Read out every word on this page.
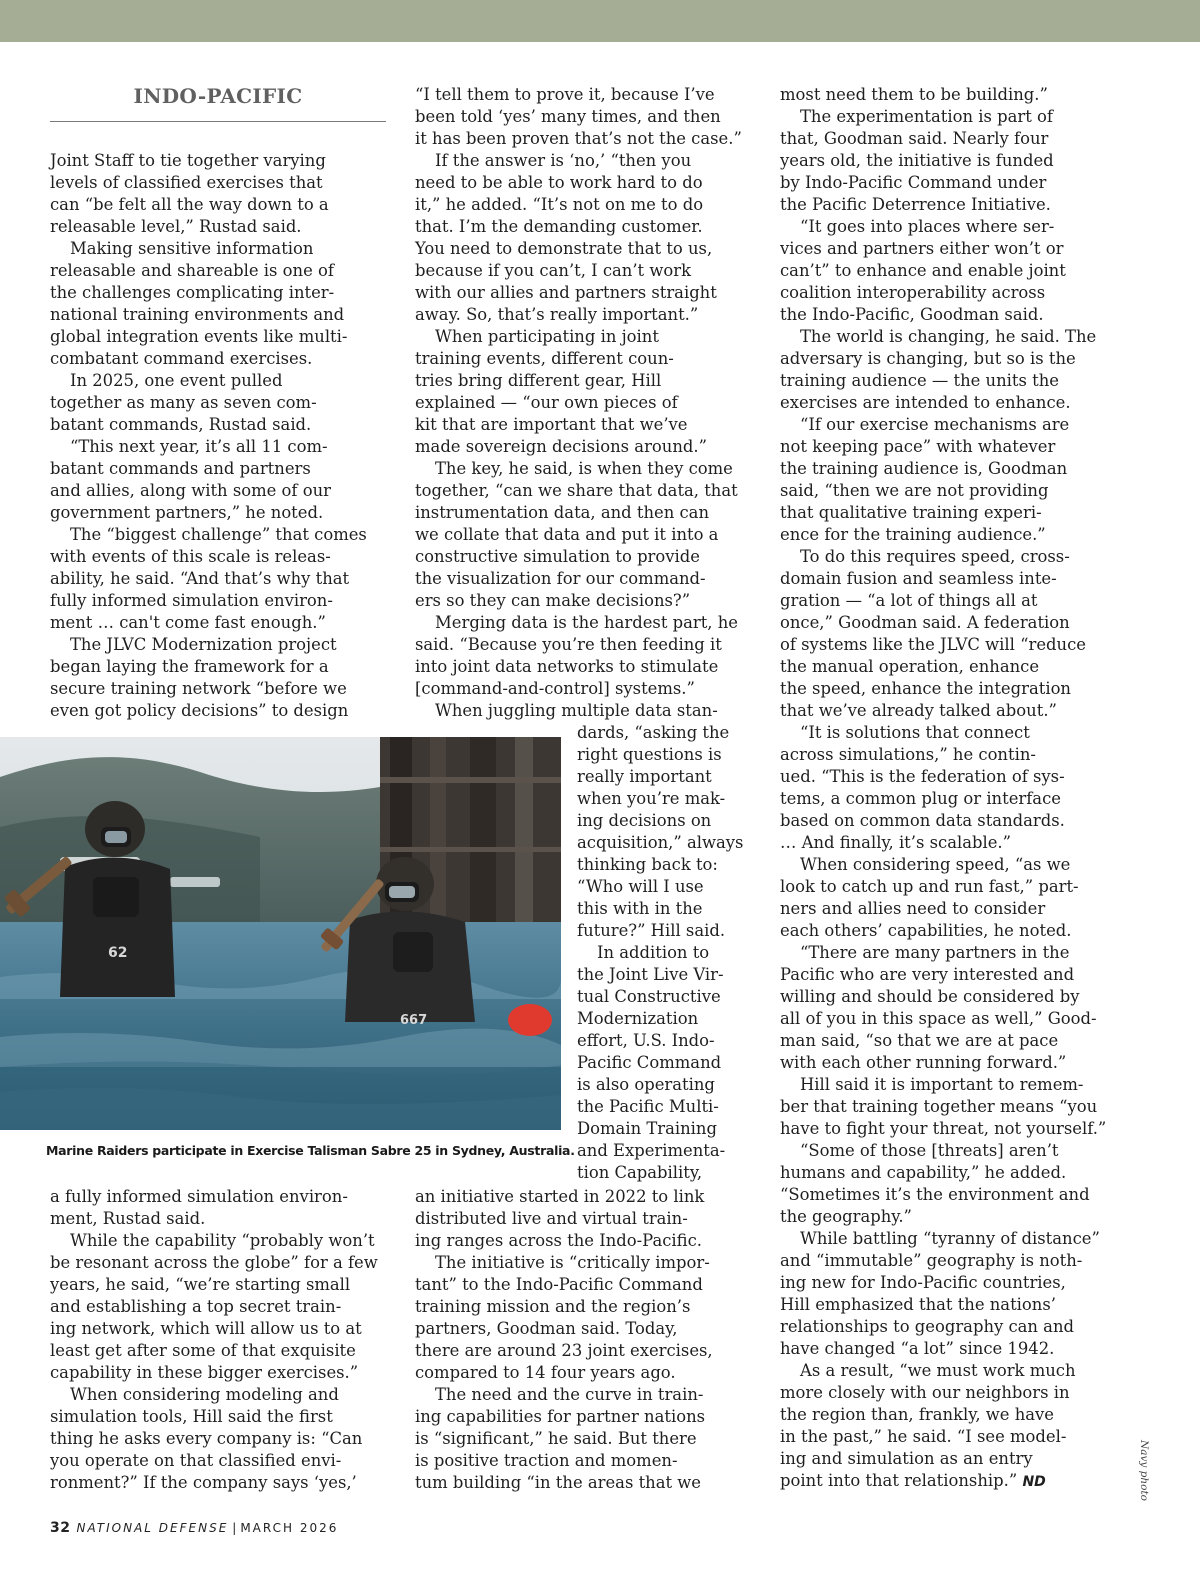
INDO-PACIFIC
Joint Staff to tie together varying
levels of classified exercises that
can “be felt all the way down to a
releasable level,” Rustad said.
Making sensitive information
releasable and shareable is one of
the challenges complicating inter-
national training environments and
global integration events like multi-
combatant command exercises.
In 2025, one event pulled
together as many as seven com-
batant commands, Rustad said.
“This next year, it’s all 11 com-
batant commands and partners
and allies, along with some of our
government partners,” he noted.
The “biggest challenge” that comes
with events of this scale is releas-
ability, he said. “And that’s why that
fully informed simulation environ-
ment … can't come fast enough.”
The JLVC Modernization project
began laying the framework for a
secure training network “before we
even got policy decisions” to design
a fully informed simulation environ-
ment, Rustad said.
While the capability “probably won’t
be resonant across the globe” for a few
years, he said, “we’re starting small
and establishing a top secret train-
ing network, which will allow us to at
least get after some of that exquisite
capability in these bigger exercises.”
When considering modeling and
simulation tools, Hill said the first
thing he asks every company is: “Can
you operate on that classified envi-
ronment?” If the company says ‘yes,’
“I tell them to prove it, because I’ve
been told ‘yes’ many times, and then
it has been proven that’s not the case.”
If the answer is ‘no,’ “then you
need to be able to work hard to do
it,” he added. “It’s not on me to do
that. I’m the demanding customer.
You need to demonstrate that to us,
because if you can’t, I can’t work
with our allies and partners straight
away. So, that’s really important.”
When participating in joint
training events, different coun-
tries bring different gear, Hill
explained — “our own pieces of
kit that are important that we’ve
made sovereign decisions around.”
The key, he said, is when they come
together, “can we share that data, that
instrumentation data, and then can
we collate that data and put it into a
constructive simulation to provide
the visualization for our command-
ers so they can make decisions?”
Merging data is the hardest part, he
said. “Because you’re then feeding it
into joint data networks to stimulate
[command-and-control] systems.”
When juggling multiple data stan-
dards, “asking the
right questions is
really important
when you’re mak-
ing decisions on
acquisition,” always
thinking back to:
“Who will I use
this with in the
future?” Hill said.
In addition to
the Joint Live Vir-
tual Constructive
Modernization
effort, U.S. Indo-
Pacific Command
is also operating
the Pacific Multi-
Domain Training
and Experimenta-
tion Capability,
an initiative started in 2022 to link
distributed live and virtual train-
ing ranges across the Indo-Pacific.
The initiative is “critically impor-
tant” to the Indo-Pacific Command
training mission and the region’s
partners, Goodman said. Today,
there are around 23 joint exercises,
compared to 14 four years ago.
The need and the curve in train-
ing capabilities for partner nations
is “significant,” he said. But there
is positive traction and momen-
tum building “in the areas that we
most need them to be building.”
The experimentation is part of
that, Goodman said. Nearly four
years old, the initiative is funded
by Indo-Pacific Command under
the Pacific Deterrence Initiative.
“It goes into places where ser-
vices and partners either won’t or
can’t” to enhance and enable joint
coalition interoperability across
the Indo-Pacific, Goodman said.
The world is changing, he said. The
adversary is changing, but so is the
training audience — the units the
exercises are intended to enhance.
“If our exercise mechanisms are
not keeping pace” with whatever
the training audience is, Goodman
said, “then we are not providing
that qualitative training experi-
ence for the training audience.”
To do this requires speed, cross-
domain fusion and seamless inte-
gration — “a lot of things all at
once,” Goodman said. A federation
of systems like the JLVC will “reduce
the manual operation, enhance
the speed, enhance the integration
that we’ve already talked about.”
“It is solutions that connect
across simulations,” he contin-
ued. “This is the federation of sys-
tems, a common plug or interface
based on common data standards.
… And finally, it’s scalable.”
When considering speed, “as we
look to catch up and run fast,” part-
ners and allies need to consider
each others’ capabilities, he noted.
“There are many partners in the
Pacific who are very interested and
willing and should be considered by
all of you in this space as well,” Good-
man said, “so that we are at pace
with each other running forward.”
Hill said it is important to remem-
ber that training together means “you
have to fight your threat, not yourself.”
“Some of those [threats] aren’t
humans and capability,” he added.
“Sometimes it’s the environment and
the geography.”
While battling “tyranny of distance”
and “immutable” geography is noth-
ing new for Indo-Pacific countries,
Hill emphasized that the nations’
relationships to geography can and
have changed “a lot” since 1942.
As a result, “we must work much
more closely with our neighbors in
the region than, frankly, we have
in the past,” he said. “I see model-
ing and simulation as an entry
point into that relationship.” ND
62
667
Marine Raiders participate in Exercise Talisman Sabre 25 in Sydney, Australia.
Navy photo
32 NATIONAL DEFENSE | MARCH 2026
